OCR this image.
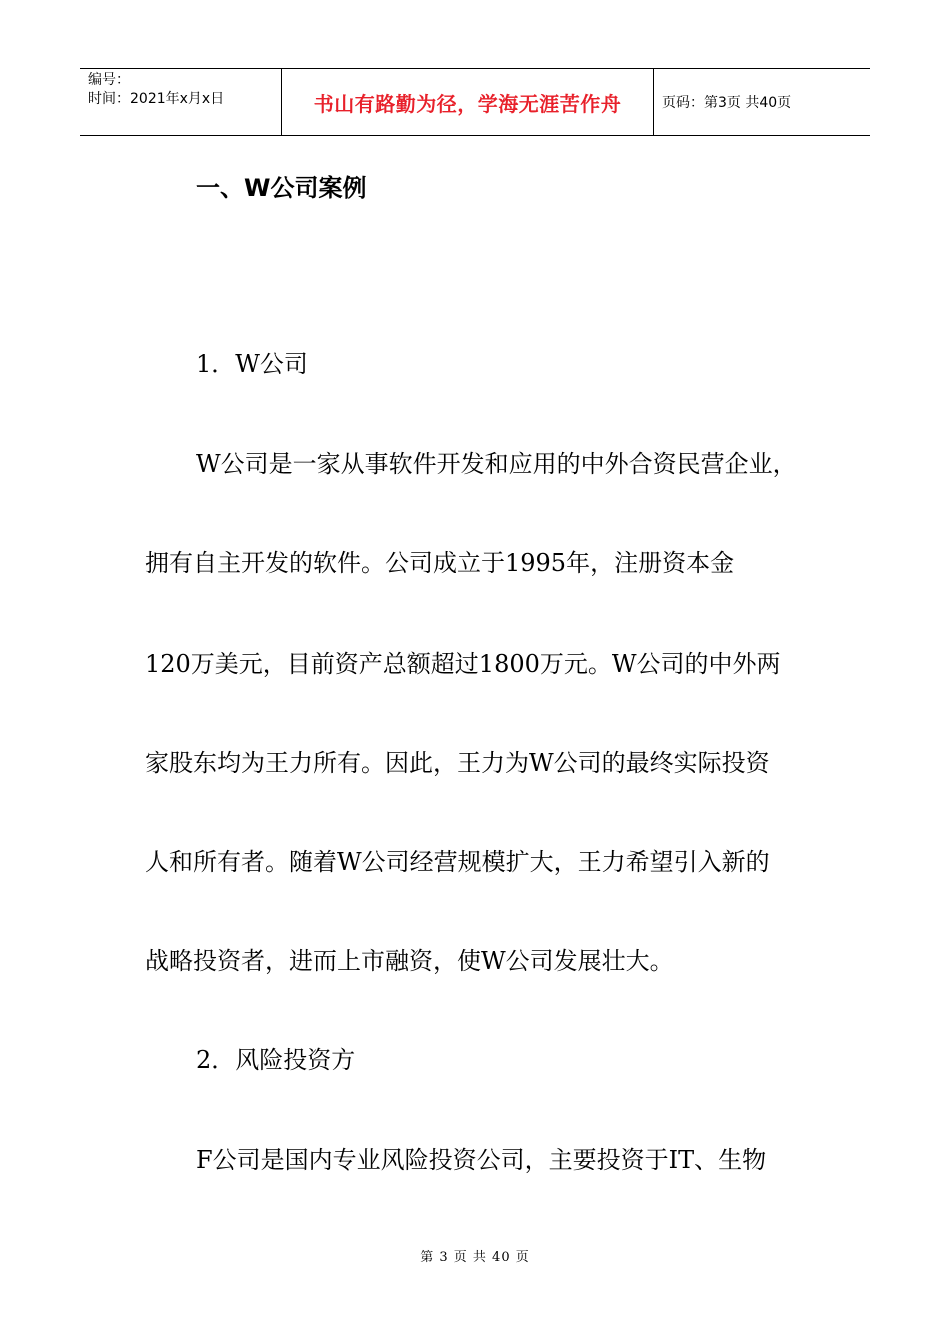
编号：
时间：2021年x月x日	书山有路勤为径，学海无涯苦作舟	页码：第3页 共40页
一、W公司案例

1．W公司

W公司是一家从事软件开发和应用的中外合资民营企业，

拥有自主开发的软件。公司成立于1995年，注册资本金

120万美元，目前资产总额超过1800万元。W公司的中外两

家股东均为王力所有。因此，王力为W公司的最终实际投资

人和所有者。随着W公司经营规模扩大，王力希望引入新的

战略投资者，进而上市融资，使W公司发展壮大。

2．风险投资方

F公司是国内专业风险投资公司，主要投资于IT、生物

第 3 页 共 40 页
